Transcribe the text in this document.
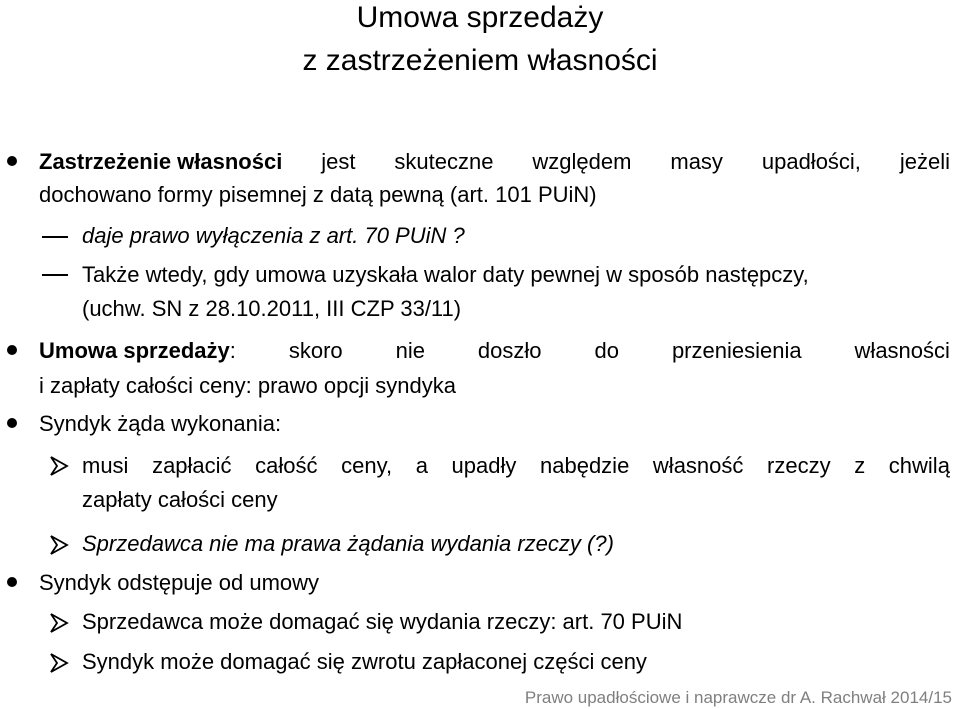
Umowa sprzedaży
z zastrzeżeniem własności
Zastrzeżenie własności jest skuteczne względem masy upadłości, jeżeli
dochowano formy pisemnej z datą pewną (art. 101 PUiN)
daje prawo wyłączenia z art. 70 PUiN ?
Także wtedy, gdy umowa uzyskała walor daty pewnej w sposób następczy,
(uchw. SN z 28.10.2011, III CZP 33/11)
Umowa sprzedaży: skoro nie doszło do przeniesienia własności
i zapłaty całości ceny: prawo opcji syndyka
Syndyk żąda wykonania:
musi zapłacić całość ceny, a upadły nabędzie własność rzeczy z chwilą
zapłaty całości ceny
Sprzedawca nie ma prawa żądania wydania rzeczy (?)
Syndyk odstępuje od umowy
Sprzedawca może domagać się wydania rzeczy: art. 70 PUiN
Syndyk może domagać się zwrotu zapłaconej części ceny
Prawo upadłościowe i naprawcze dr A. Rachwał 2014/15
